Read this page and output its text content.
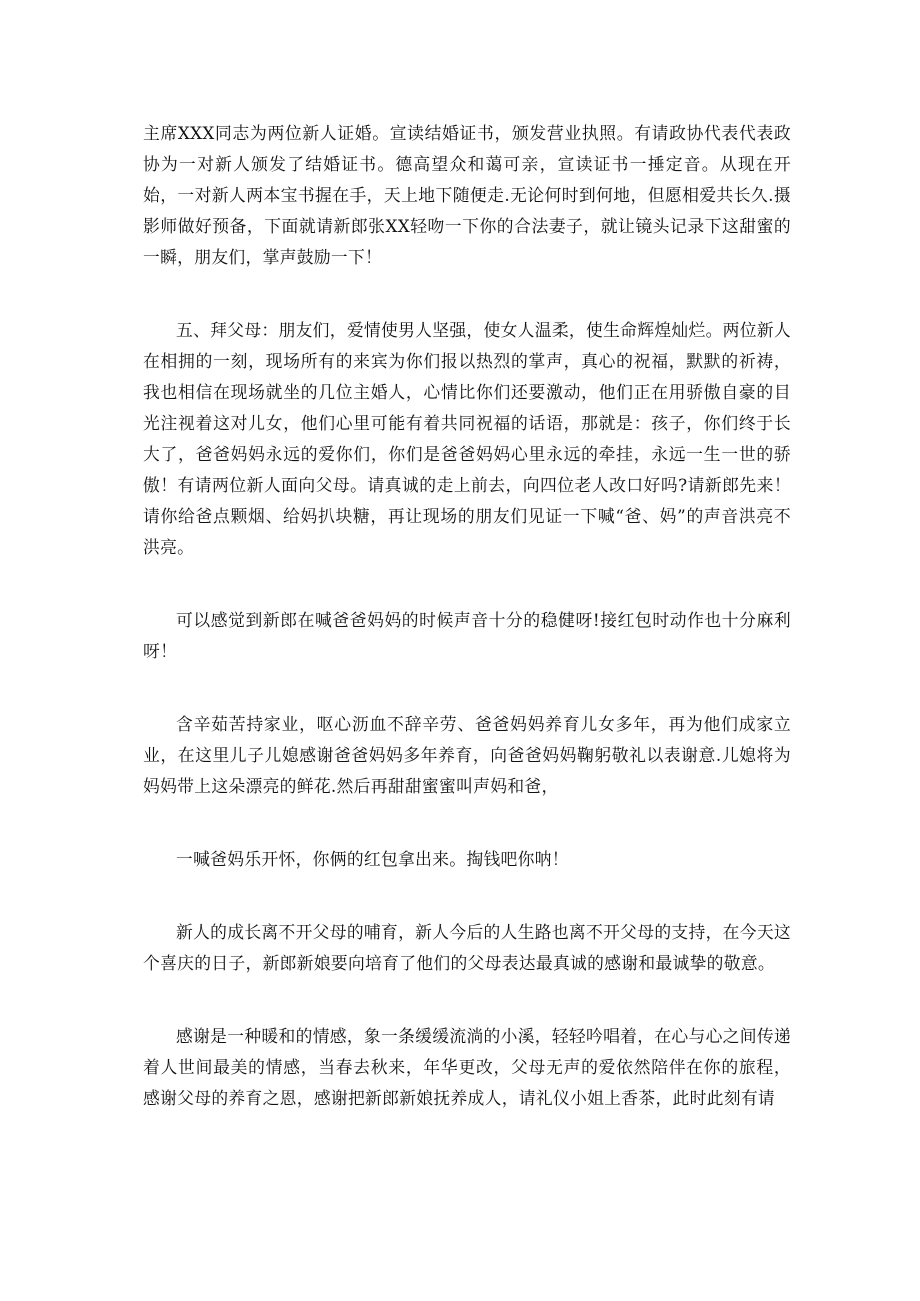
主席XXX同志为两位新人证婚。宣读结婚证书，颁发营业执照。有请政协代表代表政协为一对新人颁发了结婚证书。德高望众和蔼可亲，宣读证书一捶定音。从现在开始，一对新人两本宝书握在手，天上地下随便走.无论何时到何地，但愿相爱共长久.摄影师做好预备，下面就请新郎张XX轻吻一下你的合法妻子，就让镜头记录下这甜蜜的一瞬，朋友们，掌声鼓励一下！

五、拜父母：朋友们，爱情使男人坚强，使女人温柔，使生命辉煌灿烂。两位新人在相拥的一刻，现场所有的来宾为你们报以热烈的掌声，真心的祝福，默默的祈祷，我也相信在现场就坐的几位主婚人，心情比你们还要激动，他们正在用骄傲自豪的目光注视着这对儿女，他们心里可能有着共同祝福的话语，那就是：孩子，你们终于长大了，爸爸妈妈永远的爱你们，你们是爸爸妈妈心里永远的牵挂，永远一生一世的骄傲！有请两位新人面向父母。请真诚的走上前去，向四位老人改口好吗?请新郎先来！请你给爸点颗烟、给妈扒块糖，再让现场的朋友们见证一下喊“爸、妈”的声音洪亮不洪亮。

可以感觉到新郎在喊爸爸妈妈的时候声音十分的稳健呀!接红包时动作也十分麻利呀！

含辛茹苦持家业，呕心沥血不辞辛劳、爸爸妈妈养育儿女多年，再为他们成家立业，在这里儿子儿媳感谢爸爸妈妈多年养育，向爸爸妈妈鞠躬敬礼以表谢意.儿媳将为妈妈带上这朵漂亮的鲜花.然后再甜甜蜜蜜叫声妈和爸，

一喊爸妈乐开怀，你俩的红包拿出来。掏钱吧你呐！

新人的成长离不开父母的哺育，新人今后的人生路也离不开父母的支持，在今天这个喜庆的日子，新郎新娘要向培育了他们的父母表达最真诚的感谢和最诚挚的敬意。

感谢是一种暖和的情感，象一条缓缓流淌的小溪，轻轻吟唱着，在心与心之间传递着人世间最美的情感，当春去秋来，年华更改，父母无声的爱依然陪伴在你的旅程，感谢父母的养育之恩，感谢把新郎新娘抚养成人，请礼仪小姐上香茶，此时此刻有请
